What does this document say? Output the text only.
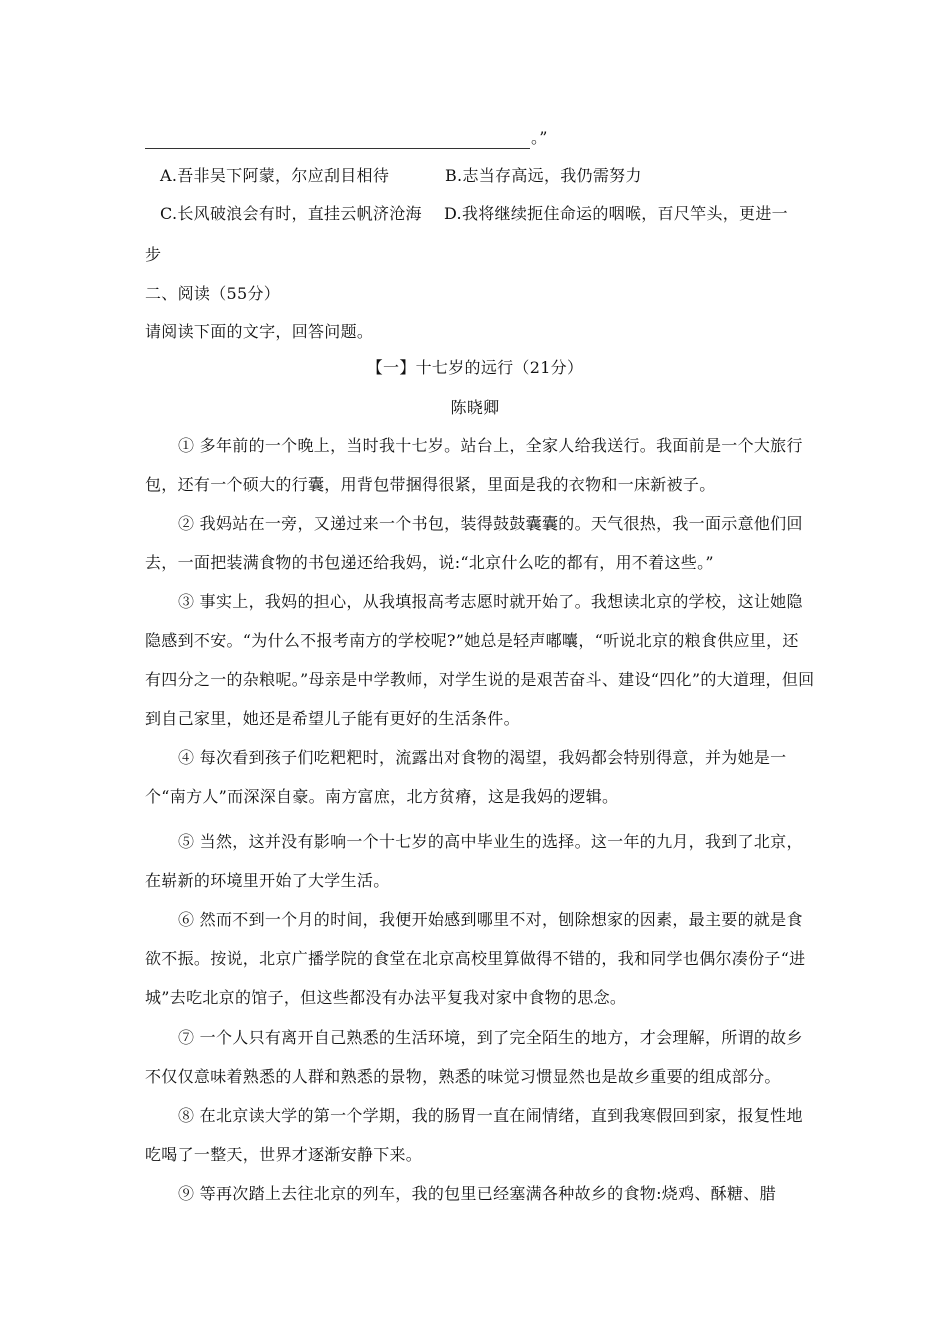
。”
A.吾非吴下阿蒙，尔应刮目相待	B.志当存高远，我仍需努力
C.长风破浪会有时，直挂云帆济沧海 D.我将继续扼住命运的咽喉，百尺竿头，更进一
步
二、阅读（55分）
请阅读下面的文字，回答问题。
【一】十七岁的远行（21分）
陈晓卿

① 多年前的一个晚上，当时我十七岁。站台上，全家人给我送行。我面前是一个大旅行包，还有一个硕大的行囊，用背包带捆得很紧，里面是我的衣物和一床新被子。

② 我妈站在一旁，又递过来一个书包，装得鼓鼓囊囊的。天气很热，我一面示意他们回去，一面把装满食物的书包递还给我妈，说:“北京什么吃的都有，用不着这些。”

③ 事实上，我妈的担心，从我填报高考志愿时就开始了。我想读北京的学校，这让她隐隐感到不安。“为什么不报考南方的学校呢?”她总是轻声嘟囔，“听说北京的粮食供应里，还有四分之一的杂粮呢。”母亲是中学教师，对学生说的是艰苦奋斗、建设“四化”的大道理，但回到自己家里，她还是希望儿子能有更好的生活条件。

④ 每次看到孩子们吃粑粑时，流露出对食物的渴望，我妈都会特别得意，并为她是一个“南方人”而深深自豪。南方富庶，北方贫瘠，这是我妈的逻辑。

⑤ 当然，这并没有影响一个十七岁的高中毕业生的选择。这一年的九月，我到了北京，在崭新的环境里开始了大学生活。

⑥ 然而不到一个月的时间，我便开始感到哪里不对，刨除想家的因素，最主要的就是食欲不振。按说，北京广播学院的食堂在北京高校里算做得不错的，我和同学也偶尔凑份子“进城”去吃北京的馆子，但这些都没有办法平复我对家中食物的思念。

⑦ 一个人只有离开自己熟悉的生活环境，到了完全陌生的地方，才会理解，所谓的故乡不仅仅意味着熟悉的人群和熟悉的景物，熟悉的味觉习惯显然也是故乡重要的组成部分。

⑧ 在北京读大学的第一个学期，我的肠胃一直在闹情绪，直到我寒假回到家，报复性地吃喝了一整天，世界才逐渐安静下来。

⑨ 等再次踏上去往北京的列车，我的包里已经塞满各种故乡的食物:烧鸡、酥糖、腊
